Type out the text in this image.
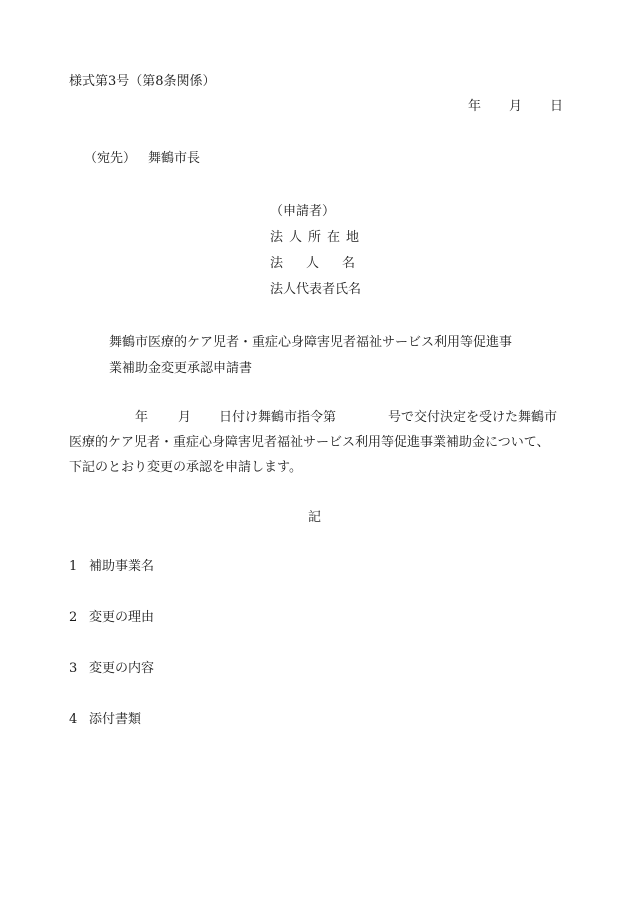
様式第3号（第8条関係）
年 月 日
（宛先） 舞鶴市長
（申請者）
法人所在地
法人名
法人代表者氏名
舞鶴市医療的ケア児者・重症心身障害児者福祉サービス利用等促進事
業補助金変更承認申請書
年 月 日付け舞鶴市指令第	号で交付決定を受けた舞鶴市
医療的ケア児者・重症心身障害児者福祉サービス利用等促進事業補助金について、
下記のとおり変更の承認を申請します。
記
1 補助事業名
2 変更の理由
3 変更の内容
4 添付書類
